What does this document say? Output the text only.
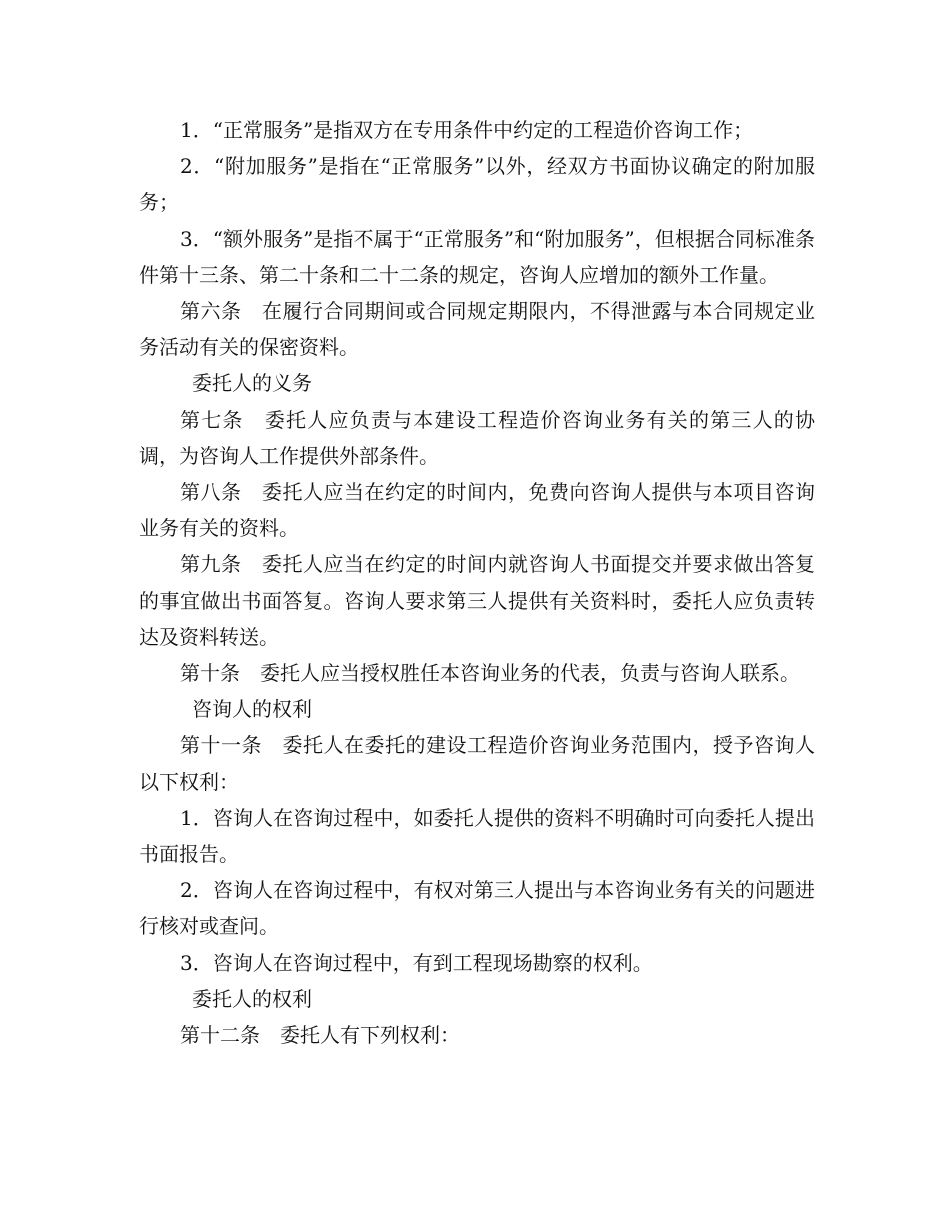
1．“正常服务”是指双方在专用条件中约定的工程造价咨询工作；

2．“附加服务”是指在“正常服务”以外，经双方书面协议确定的附加服务；

3．“额外服务”是指不属于“正常服务”和“附加服务”，但根据合同标准条件第十三条、第二十条和二十二条的规定，咨询人应增加的额外工作量。

第六条　在履行合同期间或合同规定期限内，不得泄露与本合同规定业务活动有关的保密资料。

委托人的义务

第七条　委托人应负责与本建设工程造价咨询业务有关的第三人的协调，为咨询人工作提供外部条件。

第八条　委托人应当在约定的时间内，免费向咨询人提供与本项目咨询业务有关的资料。

第九条　委托人应当在约定的时间内就咨询人书面提交并要求做出答复的事宜做出书面答复。咨询人要求第三人提供有关资料时，委托人应负责转达及资料转送。

第十条　委托人应当授权胜任本咨询业务的代表，负责与咨询人联系。

咨询人的权利

第十一条　委托人在委托的建设工程造价咨询业务范围内，授予咨询人以下权利：

1．咨询人在咨询过程中，如委托人提供的资料不明确时可向委托人提出书面报告。

2．咨询人在咨询过程中，有权对第三人提出与本咨询业务有关的问题进行核对或查问。

3．咨询人在咨询过程中，有到工程现场勘察的权利。

委托人的权利

第十二条　委托人有下列权利：
